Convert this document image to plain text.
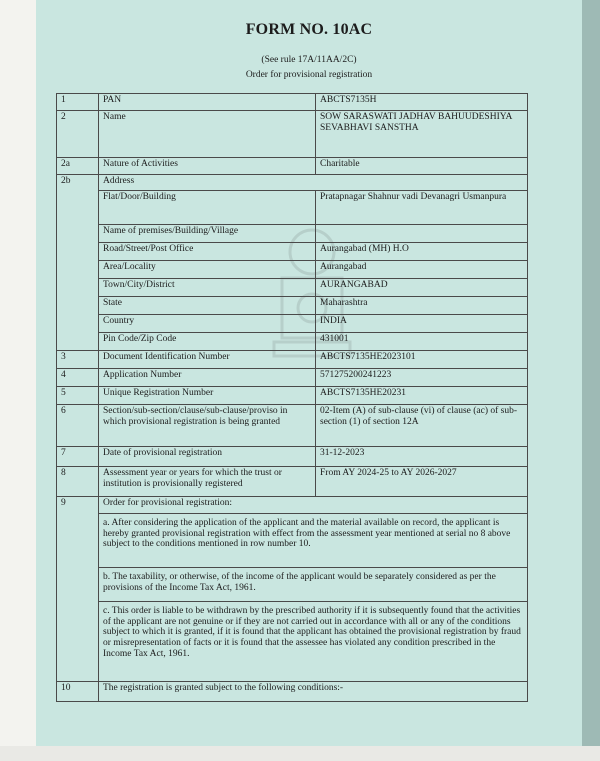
FORM NO. 10AC
(See rule 17A/11AA/2C)
Order for provisional registration
1	PAN	ABCTS7135H
2	Name	SOW SARASWATI JADHAV BAHUUDESHIYA SEVABHAVI SANSTHA
2a	Nature of Activities	Charitable
2b	Address	
	Flat/Door/Building	Pratapnagar Shahnur vadi Devanagri Usmanpura
	Name of premises/Building/Village	
	Road/Street/Post Office	Aurangabad (MH) H.O
	Area/Locality	Aurangabad
	Town/City/District	AURANGABAD
	State	Maharashtra
	Country	INDIA
	Pin Code/Zip Code	431001
3	Document Identification Number	ABCTS7135HE2023101
4	Application Number	571275200241223
5	Unique Registration Number	ABCTS7135HE20231
6	Section/sub-section/clause/sub-clause/proviso in which provisional registration is being granted	02-Item (A) of sub-clause (vi) of clause (ac) of sub-section (1) of section 12A
7	Date of provisional registration	31-12-2023
8	Assessment year or years for which the trust or institution is provisionally registered	From AY 2024-25 to AY 2026-2027
9	Order for provisional registration:	

	a. After considering the application of the applicant and the material available on record, the applicant is hereby granted provisional registration with effect from the assessment year mentioned at serial no 8 above subject to the conditions mentioned in row number 10.	

	b. The taxability, or otherwise, of the income of the applicant would be separately considered as per the provisions of the Income Tax Act, 1961.	

	c. This order is liable to be withdrawn by the prescribed authority if it is subsequently found that the activities of the applicant are not genuine or if they are not carried out in accordance with all or any of the conditions subject to which it is granted, if it is found that the applicant has obtained the provisional registration by fraud or misrepresentation of facts or it is found that the assessee has violated any condition prescribed in the Income Tax Act, 1961.	

10	The registration is granted subject to the following conditions:-	
